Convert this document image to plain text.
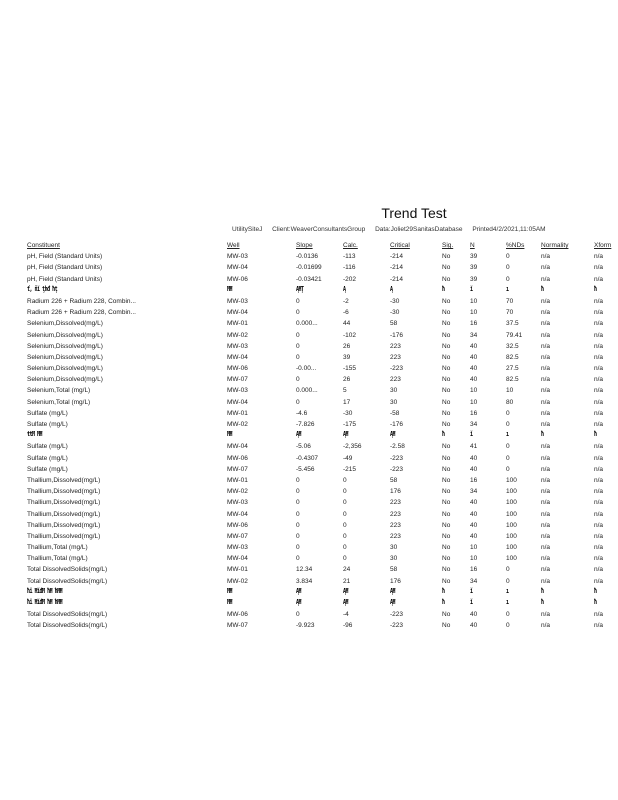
Trend Test
UtilitySiteJ Client:WeaverConsultantsGroup Data:Joliet29SanitasDatabase Printed4/2/2021,11:05AM
Constituent	Well	Slope	Calc.	Critical	Sig.	N	%NDs	Normality	Xform
pH, Field (Standard Units)	MW-03	-0.0136	-113	-214	No	39	0	n/a	n/a
pH, Field (Standard Units)	MW-04	-0.01699	-116	-214	No	39	0	n/a	n/a
pH, Field (Standard Units)	MW-06	-0.03421	-202	-214	No	39	0	n/a	n/a
ť, ňĭ ţhđ ħţ	ĦĦ	ĄĦŢ	Ą	Ą	ħ	ĭ	ı	ħ	ħ
Radium 226 + Radium 228, Combin...	MW-03	0	-2	-30	No	10	70	n/a	n/a
Radium 226 + Radium 228, Combin...	MW-04	0	-6	-30	No	10	70	n/a	n/a
Selenium,Dissolved(mg/L)	MW-01	0.000...	44	58	No	16	37.5	n/a	n/a
Selenium,Dissolved(mg/L)	MW-02	0	-102	-176	No	34	79.41	n/a	n/a
Selenium,Dissolved(mg/L)	MW-03	0	26	223	No	40	32.5	n/a	n/a
Selenium,Dissolved(mg/L)	MW-04	0	39	223	No	40	82.5	n/a	n/a
Selenium,Dissolved(mg/L)	MW-06	-0.00...	-155	-223	No	40	27.5	n/a	n/a
Selenium,Dissolved(mg/L)	MW-07	0	26	223	No	40	82.5	n/a	n/a
Selenium,Total (mg/L)	MW-03	0.000...	5	30	No	10	10	n/a	n/a
Selenium,Total (mg/L)	MW-04	0	17	30	No	10	80	n/a	n/a
Sulfate (mg/L)	MW-01	-4.6	-30	-58	No	16	0	n/a	n/a
Sulfate (mg/L)	MW-02	-7.826	-175	-176	No	34	0	n/a	n/a
ŧŧĦ ĦĦ	ĦĦ	ĄĦ	ĄĦ	ĄĦ	ħ	ĭ	ı	ħ	ħ
Sulfate (mg/L)	MW-04	-5.06	-2,356	-2.58	No	41	0	n/a	n/a
Sulfate (mg/L)	MW-06	-0.4307	-49	-223	No	40	0	n/a	n/a
Sulfate (mg/L)	MW-07	-5.456	-215	-223	No	40	0	n/a	n/a
Thallium,Dissolved(mg/L)	MW-01	0	0	58	No	16	100	n/a	n/a
Thallium,Dissolved(mg/L)	MW-02	0	0	176	No	34	100	n/a	n/a
Thallium,Dissolved(mg/L)	MW-03	0	0	223	No	40	100	n/a	n/a
Thallium,Dissolved(mg/L)	MW-04	0	0	223	No	40	100	n/a	n/a
Thallium,Dissolved(mg/L)	MW-06	0	0	223	No	40	100	n/a	n/a
Thallium,Dissolved(mg/L)	MW-07	0	0	223	No	40	100	n/a	n/a
Thallium,Total (mg/L)	MW-03	0	0	30	No	10	100	n/a	n/a
Thallium,Total (mg/L)	MW-04	0	0	30	No	10	100	n/a	n/a
Total DissolvedSolids(mg/L)	MW-01	12.34	24	58	No	16	0	n/a	n/a
Total DissolvedSolids(mg/L)	MW-02	3.834	21	176	No	34	0	n/a	n/a
ħĭ ĦĭđĦ ħĦ ħĦĦ	ĦĦ	ĄĦ	ĄĦ	ĄĦ	ħ	ĭ	ı	ħ	ħ
ħĭ ĦĭđĦ ħĦ ħĦĦ	ĦĦ	ĄĦ	ĄĦ	ĄĦ	ħ	ĭ	ı	ħ	ħ
Total DissolvedSolids(mg/L)	MW-06	0	-4	-223	No	40	0	n/a	n/a
Total DissolvedSolids(mg/L)	MW-07	-9.923	-96	-223	No	40	0	n/a	n/a
